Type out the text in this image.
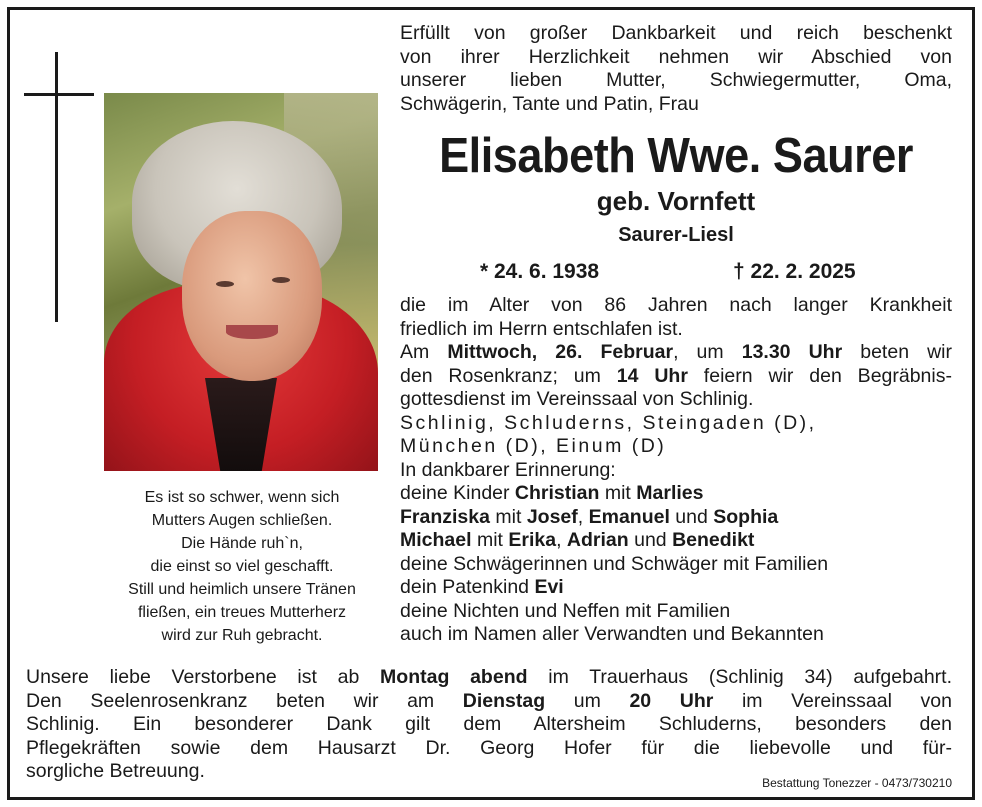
Es ist so schwer, wenn sich
Mutters Augen schließen.
Die Hände ruh`n,
die einst so viel geschafft.
Still und heimlich unsere Tränen
fließen, ein treues Mutterherz
wird zur Ruh gebracht.
Erfüllt von großer Dankbarkeit und reich beschenkt
von ihrer Herzlichkeit nehmen wir Abschied von
unserer lieben Mutter, Schwiegermutter, Oma,
Schwägerin, Tante und Patin, Frau
Elisabeth Wwe. Saurer
geb. Vornfett
Saurer-Liesl
* 24. 6. 1938	† 22. 2. 2025
die im Alter von 86 Jahren nach langer Krankheit
friedlich im Herrn entschlafen ist.
Am Mittwoch, 26. Februar, um 13.30 Uhr beten wir
den Rosenkranz; um 14 Uhr feiern wir den Begräbnis-
gottesdienst im Vereinssaal von Schlinig.
Schlinig, Schluderns, Steingaden (D),
München (D), Einum (D)
In dankbarer Erinnerung:
deine Kinder Christian mit Marlies
Franziska mit Josef, Emanuel und Sophia
Michael mit Erika, Adrian und Benedikt
deine Schwägerinnen und Schwäger mit Familien
dein Patenkind Evi
deine Nichten und Neffen mit Familien
auch im Namen aller Verwandten und Bekannten
Unsere liebe Verstorbene ist ab Montag abend im Trauerhaus (Schlinig 34) aufgebahrt.
Den Seelenrosenkranz beten wir am Dienstag um 20 Uhr im Vereinssaal von
Schlinig. Ein besonderer Dank gilt dem Altersheim Schluderns, besonders den
Pflegekräften sowie dem Hausarzt Dr. Georg Hofer für die liebevolle und für-
sorgliche Betreuung.
Bestattung Tonezzer - 0473/730210
